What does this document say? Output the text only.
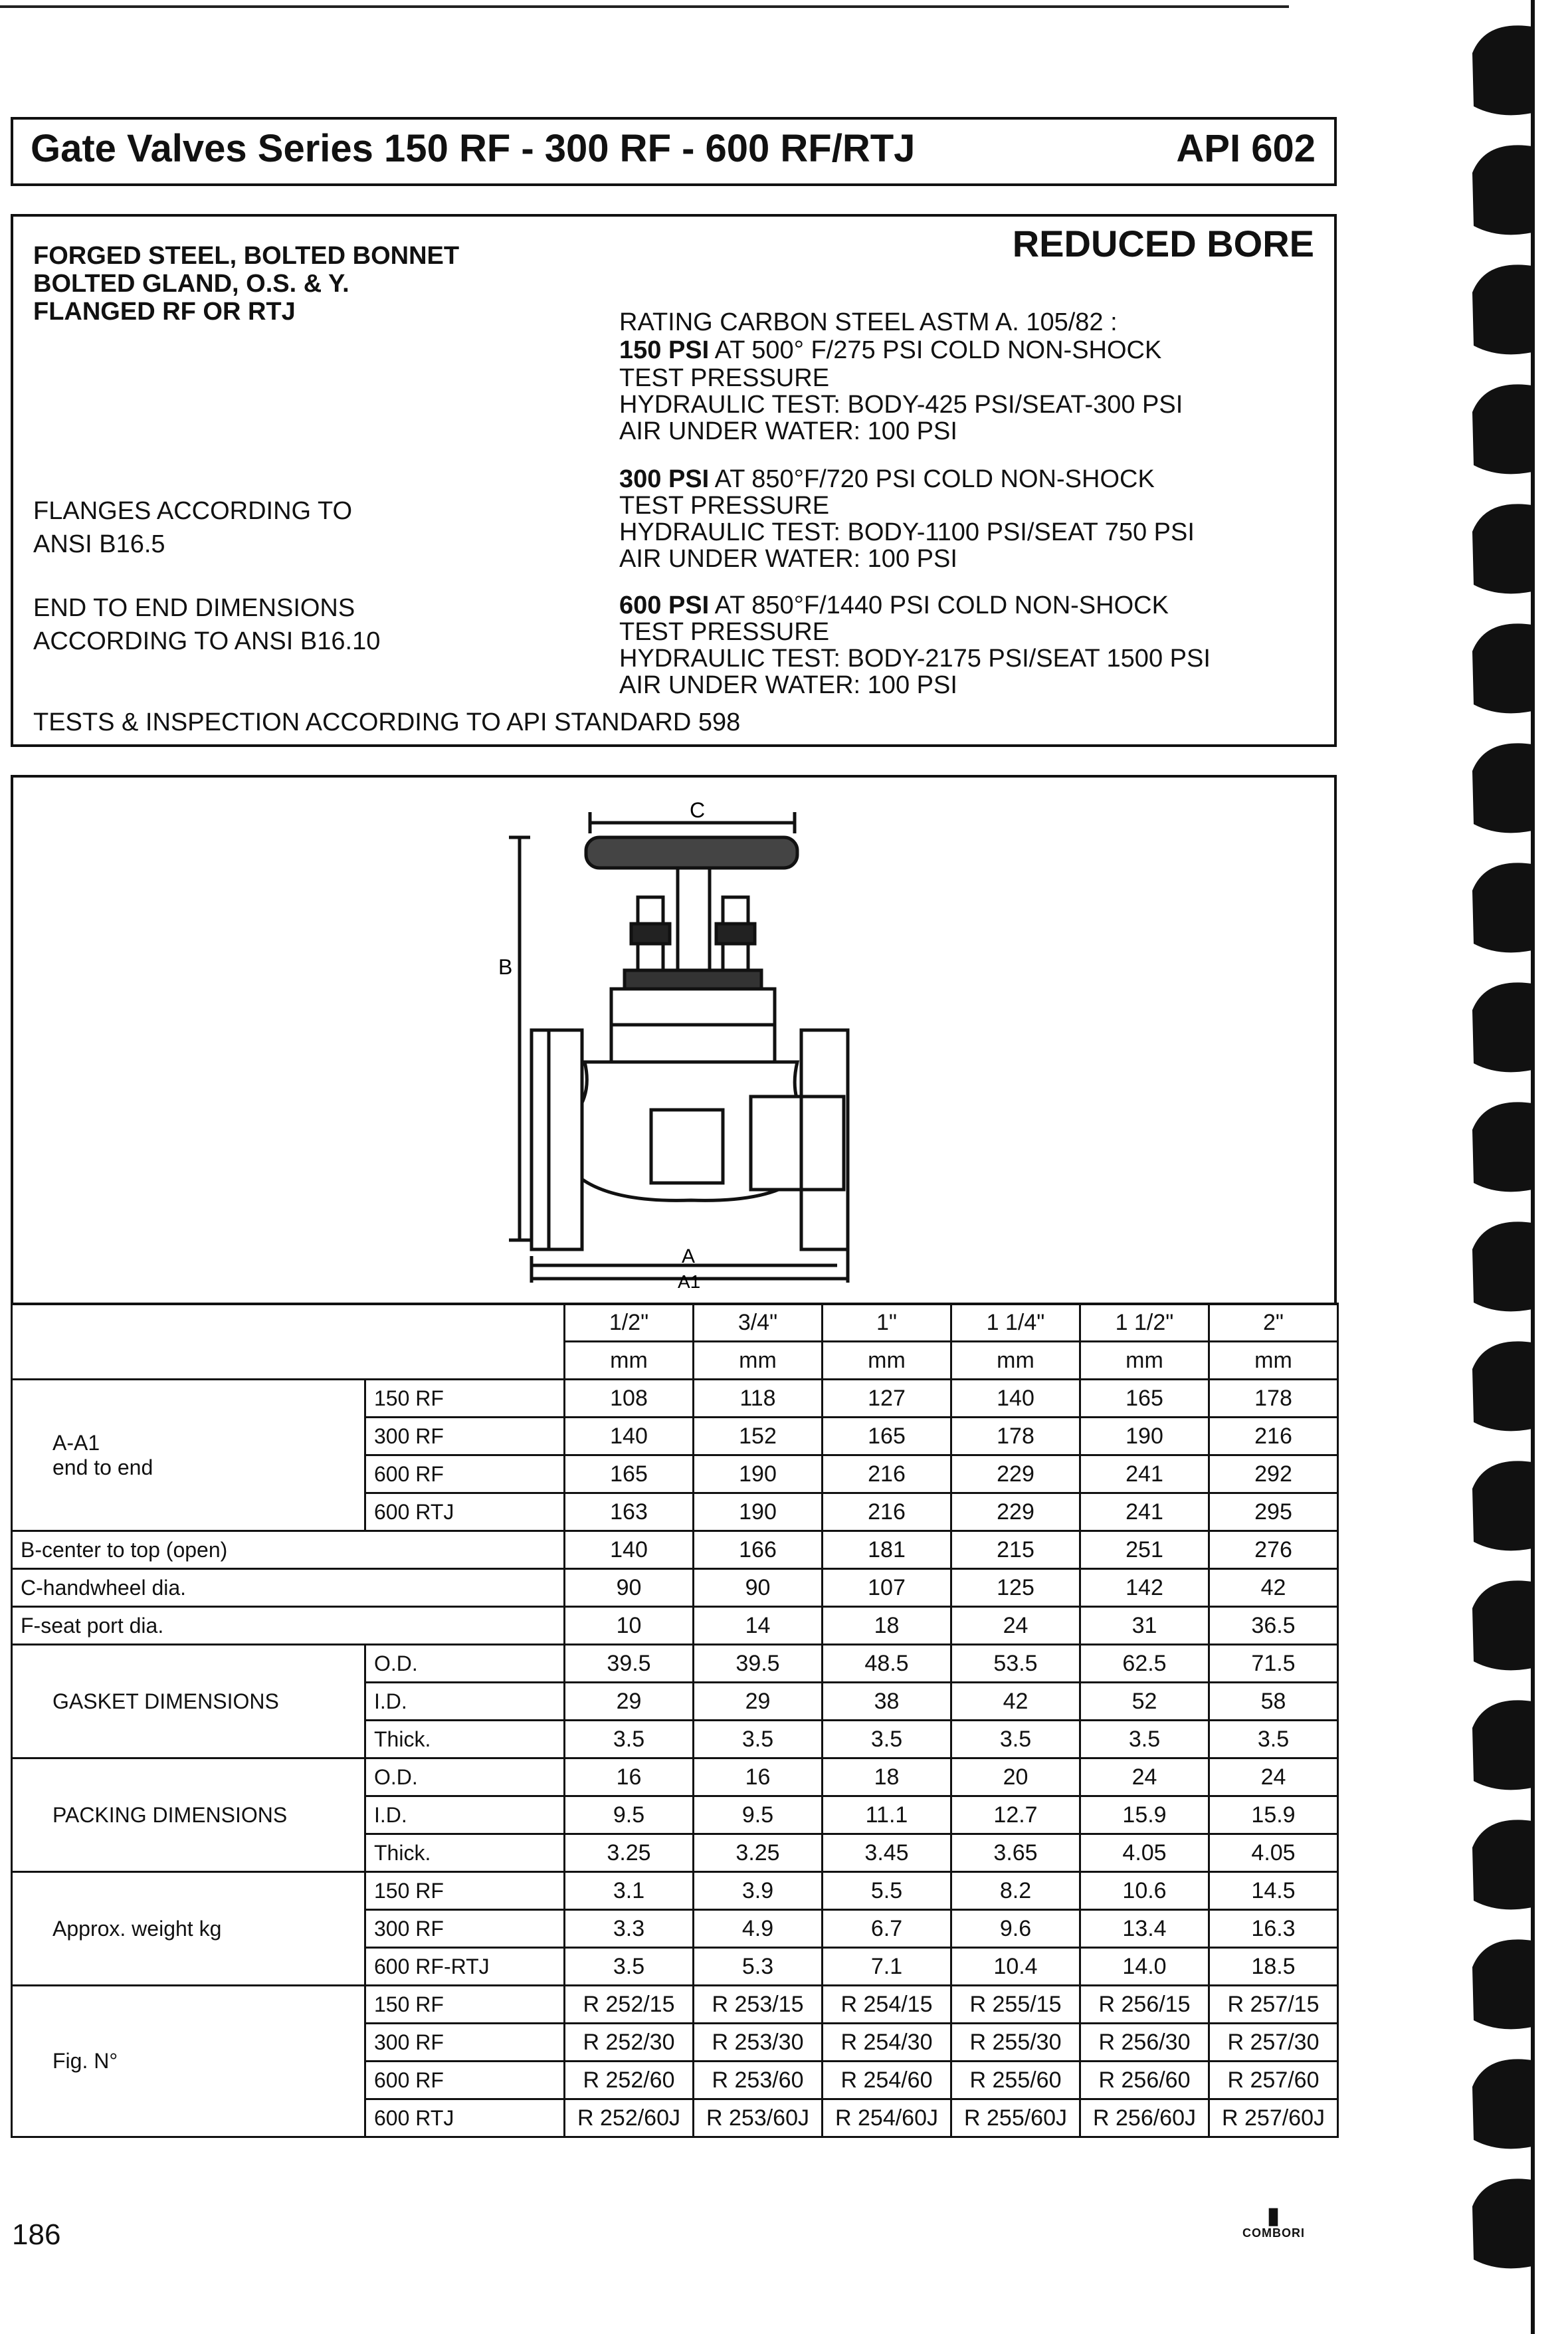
Gate Valves Series 150 RF - 300 RF - 600 RF/RTJ	API 602
FORGED STEEL, BOLTED BONNET
BOLTED GLAND, O.S. & Y.
FLANGED RF OR RTJ
REDUCED BORE
RATING CARBON STEEL ASTM A. 105/82 :
150 PSI AT 500° F/275 PSI COLD NON-SHOCK
TEST PRESSURE
HYDRAULIC TEST: BODY-425 PSI/SEAT-300 PSI
AIR UNDER WATER: 100 PSI
300 PSI AT 850°F/720 PSI COLD NON-SHOCK
TEST PRESSURE
HYDRAULIC TEST: BODY-1100 PSI/SEAT 750 PSI
AIR UNDER WATER: 100 PSI
FLANGES ACCORDING TO
ANSI B16.5
600 PSI AT 850°F/1440 PSI COLD NON-SHOCK
TEST PRESSURE
HYDRAULIC TEST: BODY-2175 PSI/SEAT 1500 PSI
AIR UNDER WATER: 100 PSI
END TO END DIMENSIONS
ACCORDING TO ANSI B16.10
TESTS & INSPECTION ACCORDING TO API STANDARD 598
C
B
A
A1
		1/2"	3/4"	1"	1 1/4"	1 1/2"	2"
		mm	mm	mm	mm	mm	mm

A-A1
end to end	150 RF	108	118	127	140	165	178
	300 RF	140	152	165	178	190	216
	600 RF	165	190	216	229	241	292
	600 RTJ	163	190	216	229	241	295

B-center to top (open)		140	166	181	215	251	276

C-handwheel dia.		90	90	107	125	142	42

F-seat port dia.		10	14	18	24	31	36.5

GASKET DIMENSIONS	O.D.	39.5	39.5	48.5	53.5	62.5	71.5
	I.D.	29	29	38	42	52	58
	Thick.	3.5	3.5	3.5	3.5	3.5	3.5

PACKING DIMENSIONS	O.D.	16	16	18	20	24	24
	I.D.	9.5	9.5	11.1	12.7	15.9	15.9
	Thick.	3.25	3.25	3.45	3.65	4.05	4.05

Approx. weight kg	150 RF	3.1	3.9	5.5	8.2	10.6	14.5
	300 RF	3.3	4.9	6.7	9.6	13.4	16.3
	600 RF-RTJ	3.5	5.3	7.1	10.4	14.0	18.5

Fig. N°	150 RF	R 252/15	R 253/15	R 254/15	R 255/15	R 256/15	R 257/15
	300 RF	R 252/30	R 253/30	R 254/30	R 255/30	R 256/30	R 257/30
	600 RF	R 252/60	R 253/60	R 254/60	R 255/60	R 256/60	R 257/60
	600 RTJ	R 252/60J	R 253/60J	R 254/60J	R 255/60J	R 256/60J	R 257/60J
186
▮
COMBORI
